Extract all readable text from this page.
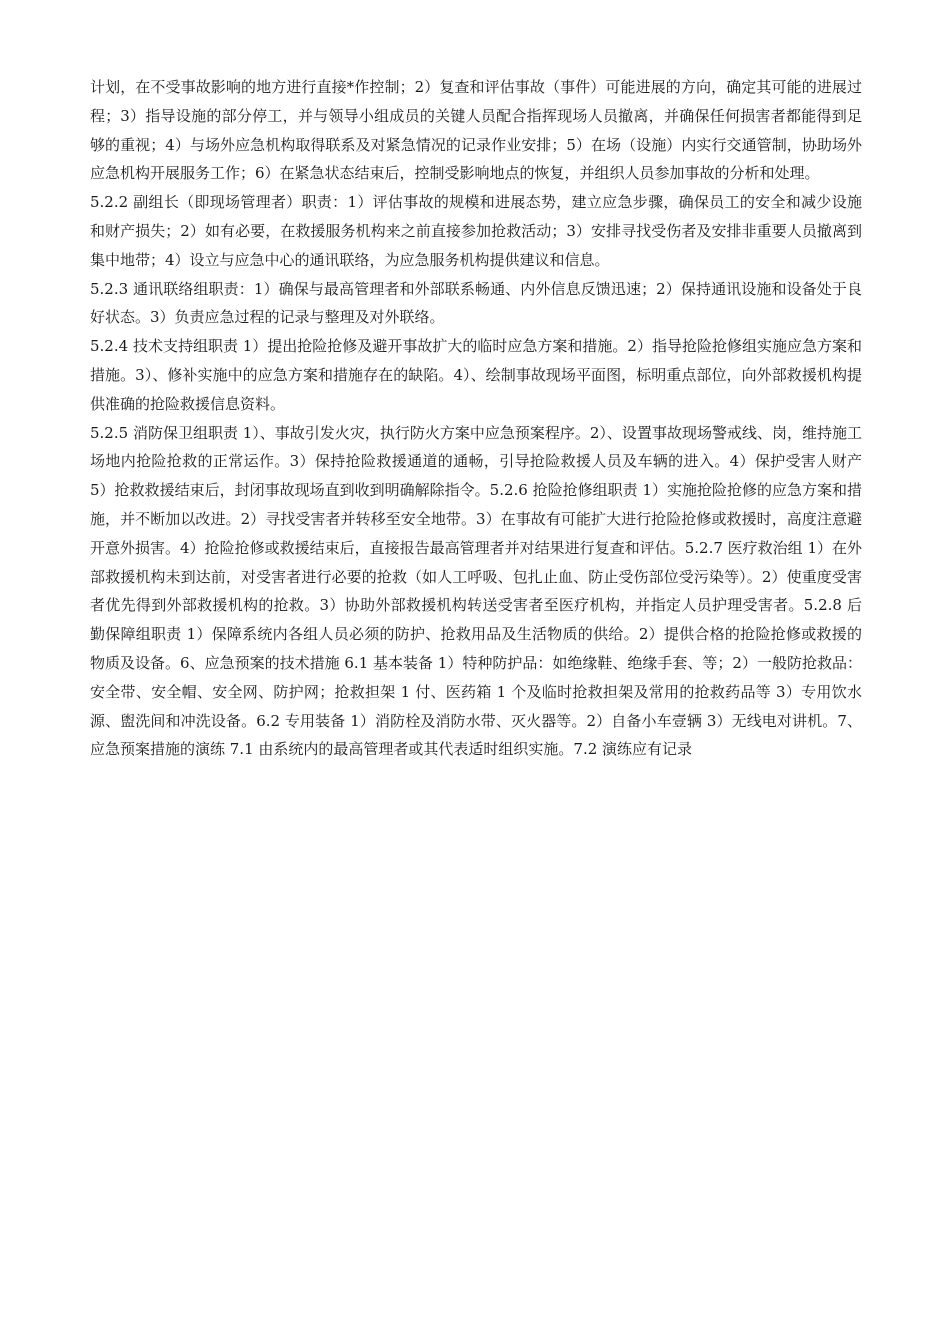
计划，在不受事故影响的地方进行直接*作控制；2）复查和评估事故（事件）可能进展的方向，确定其可能的进展过程；3）指导设施的部分停工，并与领导小组成员的关键人员配合指挥现场人员撤离，并确保任何损害者都能得到足够的重视；4）与场外应急机构取得联系及对紧急情况的记录作业安排；5）在场（设施）内实行交通管制，协助场外应急机构开展服务工作；6）在紧急状态结束后，控制受影响地点的恢复，并组织人员参加事故的分析和处理。

5.2.2 副组长（即现场管理者）职责：1）评估事故的规模和进展态势，建立应急步骤，确保员工的安全和减少设施和财产损失；2）如有必要，在救援服务机构来之前直接参加抢救活动；3）安排寻找受伤者及安排非重要人员撤离到集中地带；4）设立与应急中心的通讯联络，为应急服务机构提供建议和信息。

5.2.3 通讯联络组职责：1）确保与最高管理者和外部联系畅通、内外信息反馈迅速；2）保持通讯设施和设备处于良好状态。3）负责应急过程的记录与整理及对外联络。

5.2.4 技术支持组职责 1）提出抢险抢修及避开事故扩大的临时应急方案和措施。2）指导抢险抢修组实施应急方案和措施。3）、修补实施中的应急方案和措施存在的缺陷。4）、绘制事故现场平面图，标明重点部位，向外部救援机构提供准确的抢险救援信息资料。

5.2.5 消防保卫组职责 1）、事故引发火灾，执行防火方案中应急预案程序。2）、设置事故现场警戒线、岗，维持施工场地内抢险抢救的正常运作。3）保持抢险救援通道的通畅，引导抢险救援人员及车辆的进入。4）保护受害人财产 5）抢救救援结束后，封闭事故现场直到收到明确解除指令。5.2.6 抢险抢修组职责 1）实施抢险抢修的应急方案和措施，并不断加以改进。2）寻找受害者并转移至安全地带。3）在事故有可能扩大进行抢险抢修或救援时，高度注意避开意外损害。4）抢险抢修或救援结束后，直接报告最高管理者并对结果进行复查和评估。5.2.7 医疗救治组 1）在外部救援机构未到达前，对受害者进行必要的抢救（如人工呼吸、包扎止血、防止受伤部位受污染等）。2）使重度受害者优先得到外部救援机构的抢救。3）协助外部救援机构转送受害者至医疗机构，并指定人员护理受害者。5.2.8 后勤保障组职责 1）保障系统内各组人员必须的防护、抢救用品及生活物质的供给。2）提供合格的抢险抢修或救援的物质及设备。6、应急预案的技术措施 6.1 基本装备 1）特种防护品：如绝缘鞋、绝缘手套、等；2）一般防抢救品：安全带、安全帽、安全网、防护网；抢救担架 1 付、医药箱 1 个及临时抢救担架及常用的抢救药品等 3）专用饮水源、盥洗间和冲洗设备。6.2 专用装备 1）消防栓及消防水带、灭火器等。2）自备小车壹辆 3）无线电对讲机。7、应急预案措施的演练 7.1 由系统内的最高管理者或其代表适时组织实施。7.2 演练应有记录
